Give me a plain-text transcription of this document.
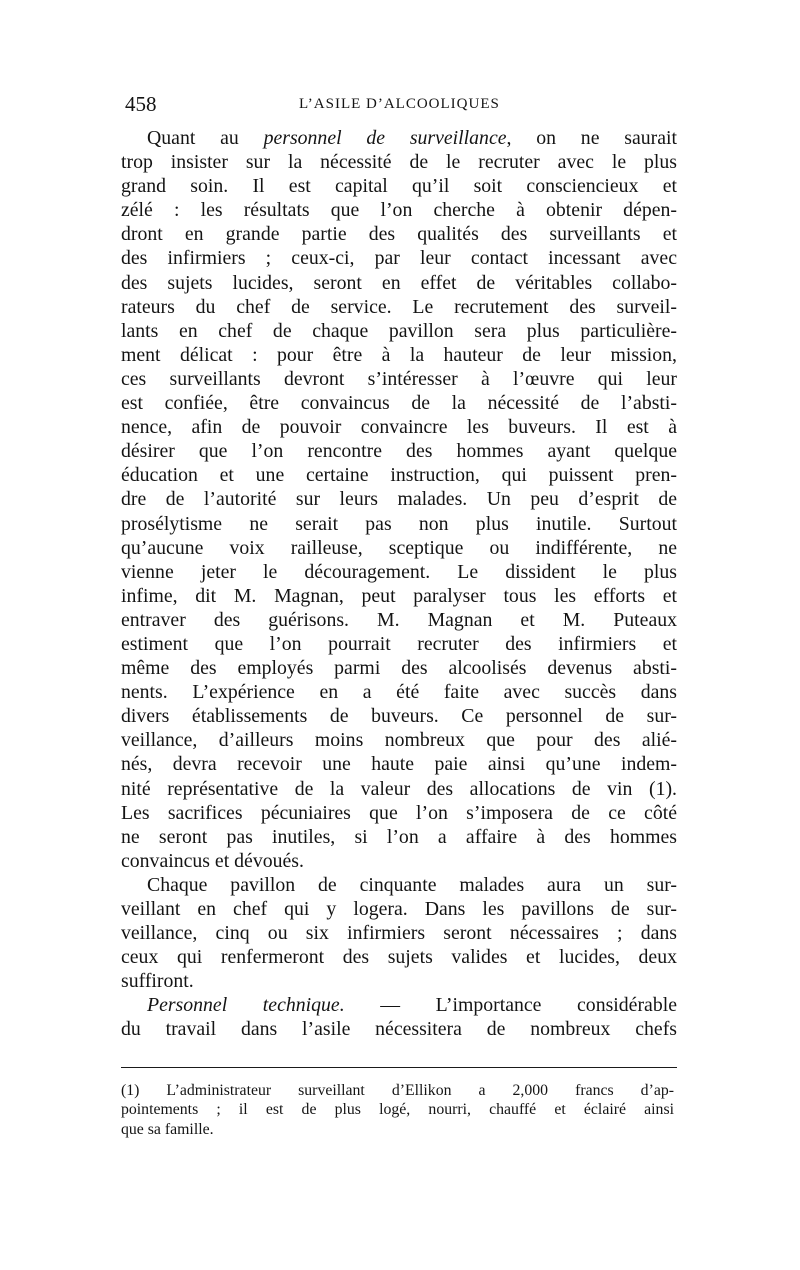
458	L’ASILE D’ALCOOLIQUES
Quant au personnel de surveillance, on ne saurait
trop insister sur la nécessité de le recruter avec le plus
grand soin. Il est capital qu’il soit consciencieux et
zélé : les résultats que l’on cherche à obtenir dépen-
dront en grande partie des qualités des surveillants et
des infirmiers ; ceux-ci, par leur contact incessant avec
des sujets lucides, seront en effet de véritables collabo-
rateurs du chef de service. Le recrutement des surveil-
lants en chef de chaque pavillon sera plus particulière-
ment délicat : pour être à la hauteur de leur mission,
ces surveillants devront s’intéresser à l’œuvre qui leur
est confiée, être convaincus de la nécessité de l’absti-
nence, afin de pouvoir convaincre les buveurs. Il est à
désirer que l’on rencontre des hommes ayant quelque
éducation et une certaine instruction, qui puissent pren-
dre de l’autorité sur leurs malades. Un peu d’esprit de
prosélytisme ne serait pas non plus inutile. Surtout
qu’aucune voix railleuse, sceptique ou indifférente, ne
vienne jeter le découragement. Le dissident le plus
infime, dit M. Magnan, peut paralyser tous les efforts et
entraver des guérisons. M. Magnan et M. Puteaux
estiment que l’on pourrait recruter des infirmiers et
même des employés parmi des alcoolisés devenus absti-
nents. L’expérience en a été faite avec succès dans
divers établissements de buveurs. Ce personnel de sur-
veillance, d’ailleurs moins nombreux que pour des alié-
nés, devra recevoir une haute paie ainsi qu’une indem-
nité représentative de la valeur des allocations de vin (1).
Les sacrifices pécuniaires que l’on s’imposera de ce côté
ne seront pas inutiles, si l’on a affaire à des hommes
convaincus et dévoués.
Chaque pavillon de cinquante malades aura un sur-
veillant en chef qui y logera. Dans les pavillons de sur-
veillance, cinq ou six infirmiers seront nécessaires ; dans
ceux qui renfermeront des sujets valides et lucides, deux
suffiront.
Personnel technique. — L’importance considérable
du travail dans l’asile nécessitera de nombreux chefs
(1) L’administrateur surveillant d’Ellikon a 2,000 francs d’ap-
pointements ; il est de plus logé, nourri, chauffé et éclairé ainsi
que sa famille.
